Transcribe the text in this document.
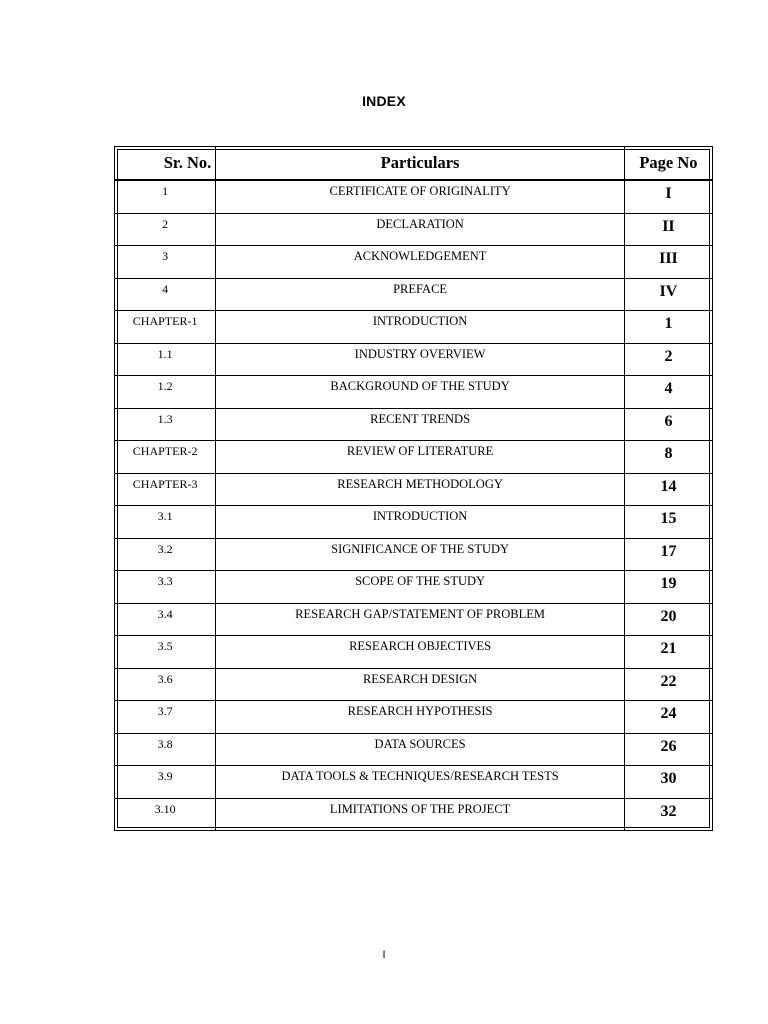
INDEX
Sr. No.	Particulars	Page No

1	CERTIFICATE OF ORIGINALITY	I

2	DECLARATION	II

3	ACKNOWLEDGEMENT	III

4	PREFACE	IV

CHAPTER-1	INTRODUCTION	1

1.1	INDUSTRY OVERVIEW	2

1.2	BACKGROUND OF THE STUDY	4

1.3	RECENT TRENDS	6

CHAPTER-2	REVIEW OF LITERATURE	8

CHAPTER-3	RESEARCH METHODOLOGY	14

3.1	INTRODUCTION	15

3.2	SIGNIFICANCE OF THE STUDY	17

3.3	SCOPE OF THE STUDY	19

3.4	RESEARCH GAP/STATEMENT OF PROBLEM	20

3.5	RESEARCH OBJECTIVES	21

3.6	RESEARCH DESIGN	22

3.7	RESEARCH HYPOTHESIS	24

3.8	DATA SOURCES	26

3.9	DATA TOOLS & TECHNIQUES/RESEARCH TESTS	30

3.10	LIMITATIONS OF THE PROJECT	32
I
